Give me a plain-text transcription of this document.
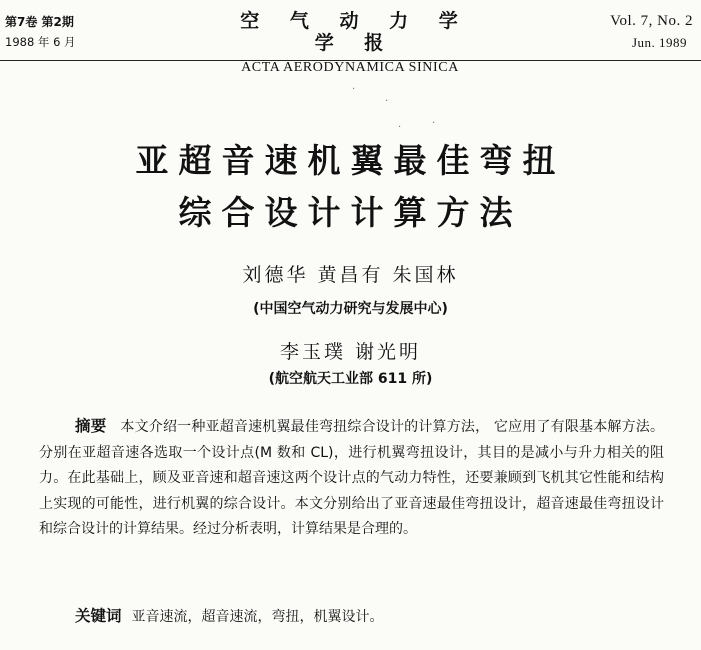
第7卷 第2期
1988 年 6 月
空 气 动 力 学 学 报
ACTA AERODYNAMICA SINICA
Vol. 7, No. 2
Jun. 1989
亚超音速机翼最佳弯扭
综合设计计算方法
刘德华 黄昌有 朱国林
(中国空气动力研究与发展中心)
李玉璞 谢光明
(航空航天工业部 611 所)
摘要 本文介绍一种亚超音速机翼最佳弯扭综合设计的计算方法， 它应用了有限基本解方法。分别在亚超音速各选取一个设计点(M 数和 CL)，进行机翼弯扭设计，其目的是减小与升力相关的阻力。在此基础上，顾及亚音速和超音速这两个设计点的气动力特性，还要兼顾到飞机其它性能和结构上实现的可能性，进行机翼的综合设计。本文分别给出了亚音速最佳弯扭设计，超音速最佳弯扭设计和综合设计的计算结果。经过分析表明，计算结果是合理的。
关键词 亚音速流，超音速流，弯扭，机翼设计。
·
·
·
·
